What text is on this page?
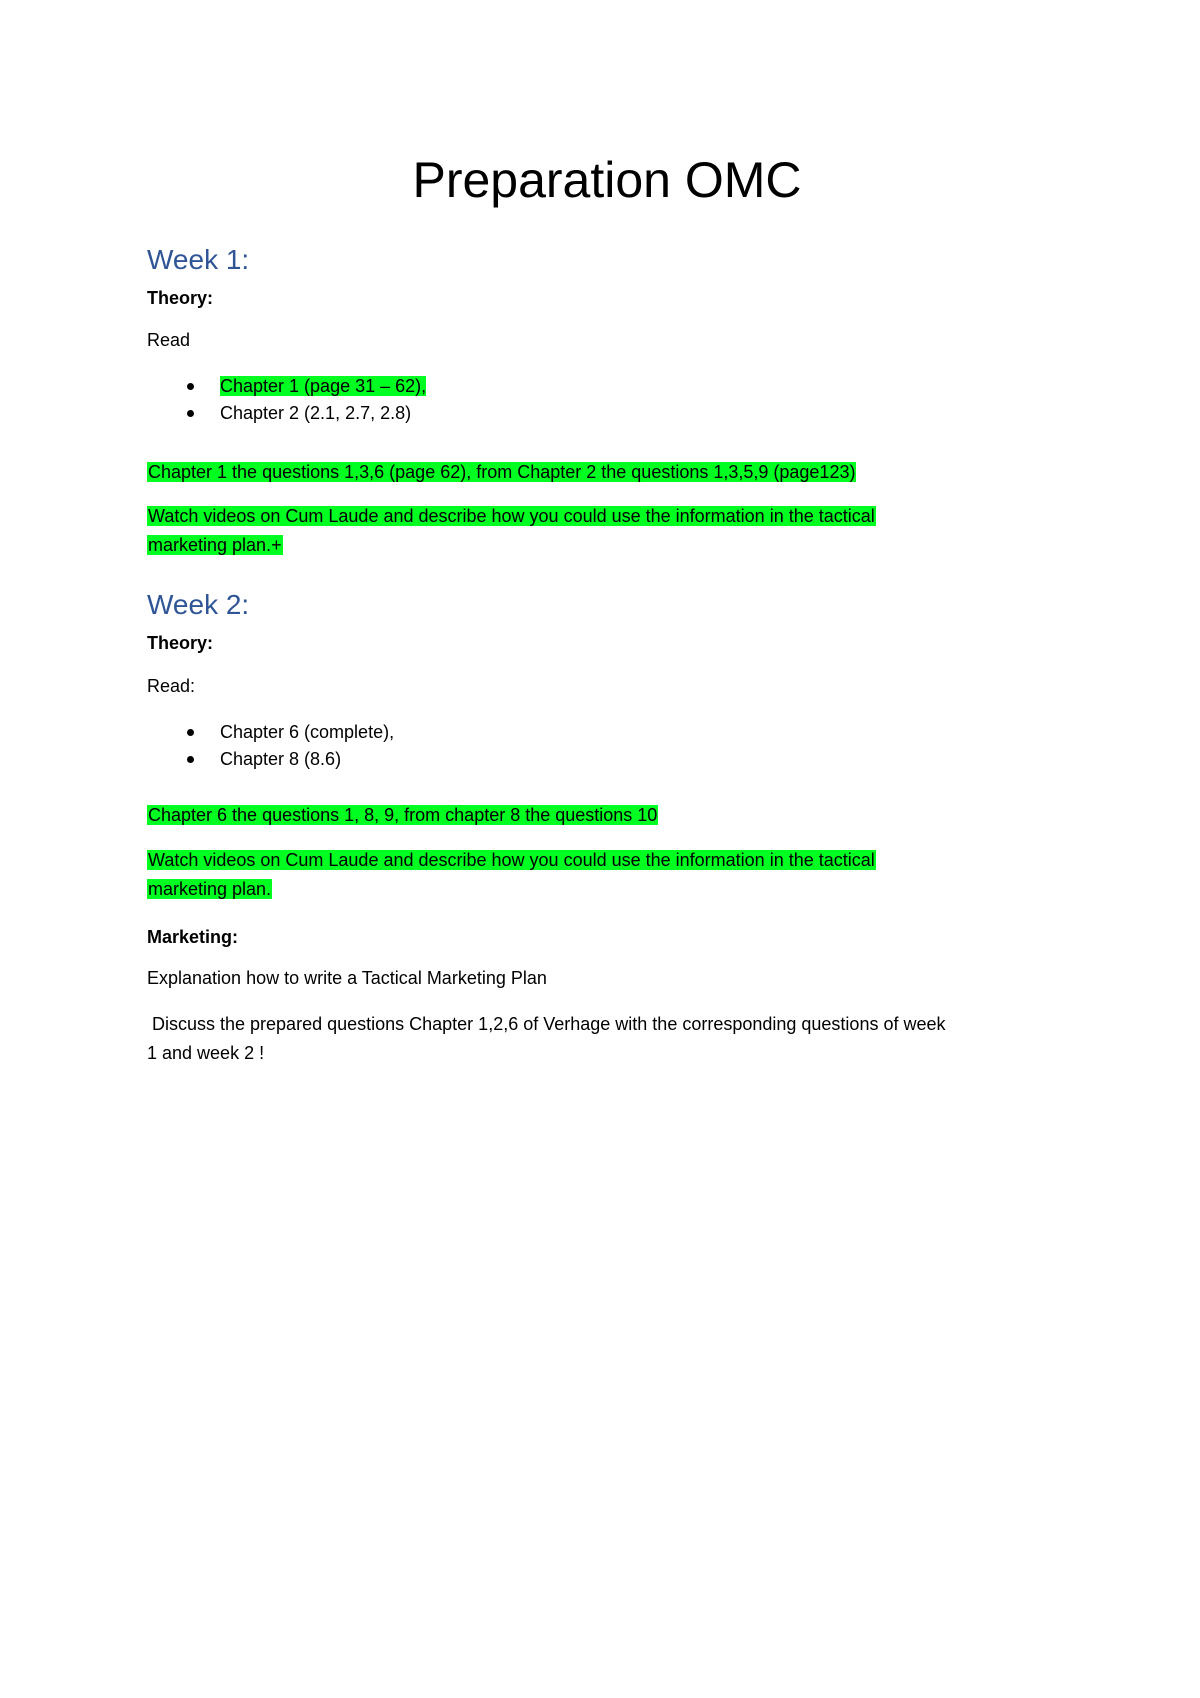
Preparation OMC
Week 1:

Theory:

Read

Chapter 1 (page 31 – 62),
Chapter 2 (2.1, 2.7, 2.8)

Chapter 1 the questions 1,3,6 (page 62), from Chapter 2 the questions 1,3,5,9 (page123)

Watch videos on Cum Laude and describe how you could use the information in the tactical
marketing plan.+

Week 2:

Theory:

Read:

Chapter 6 (complete),
Chapter 8 (8.6)

Chapter 6 the questions 1, 8, 9, from chapter 8 the questions 10

Watch videos on Cum Laude and describe how you could use the information in the tactical
marketing plan.

Marketing:

Explanation how to write a Tactical Marketing Plan

Discuss the prepared questions Chapter 1,2,6 of Verhage with the corresponding questions of week
1 and week 2 !
